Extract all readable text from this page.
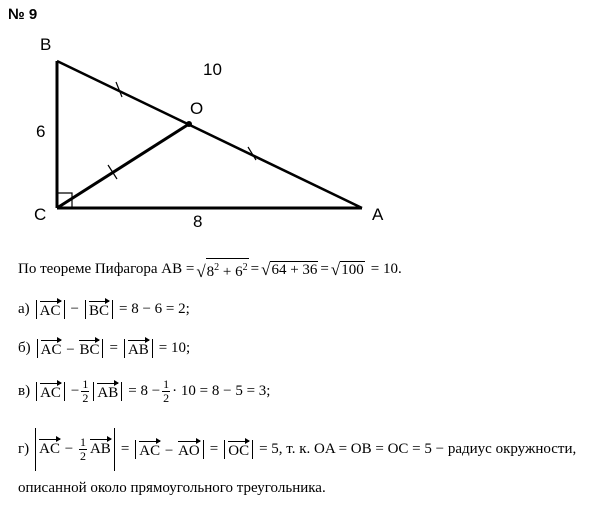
№ 9
B
C	A
O
6
8
10
По теореме Пифагора AB = √ $8^2 + 6^2$ = √ 64 + 36 = √ 100 = 10.
а) AC − BC = 8 − 6 = 2;
б) AC − BC = AB = 10;
в) AC − $\frac{1}{2}$ AB = $8 - \frac{1}{2} \cdot 10 = 8 - 5 = 3$;
г) AC − $\frac{1}{2}$ AB = AC − AO = OC = 5, т. к. OA = OB = OC = 5 − радиус окружности,
описанной около прямоугольного треугольника.
